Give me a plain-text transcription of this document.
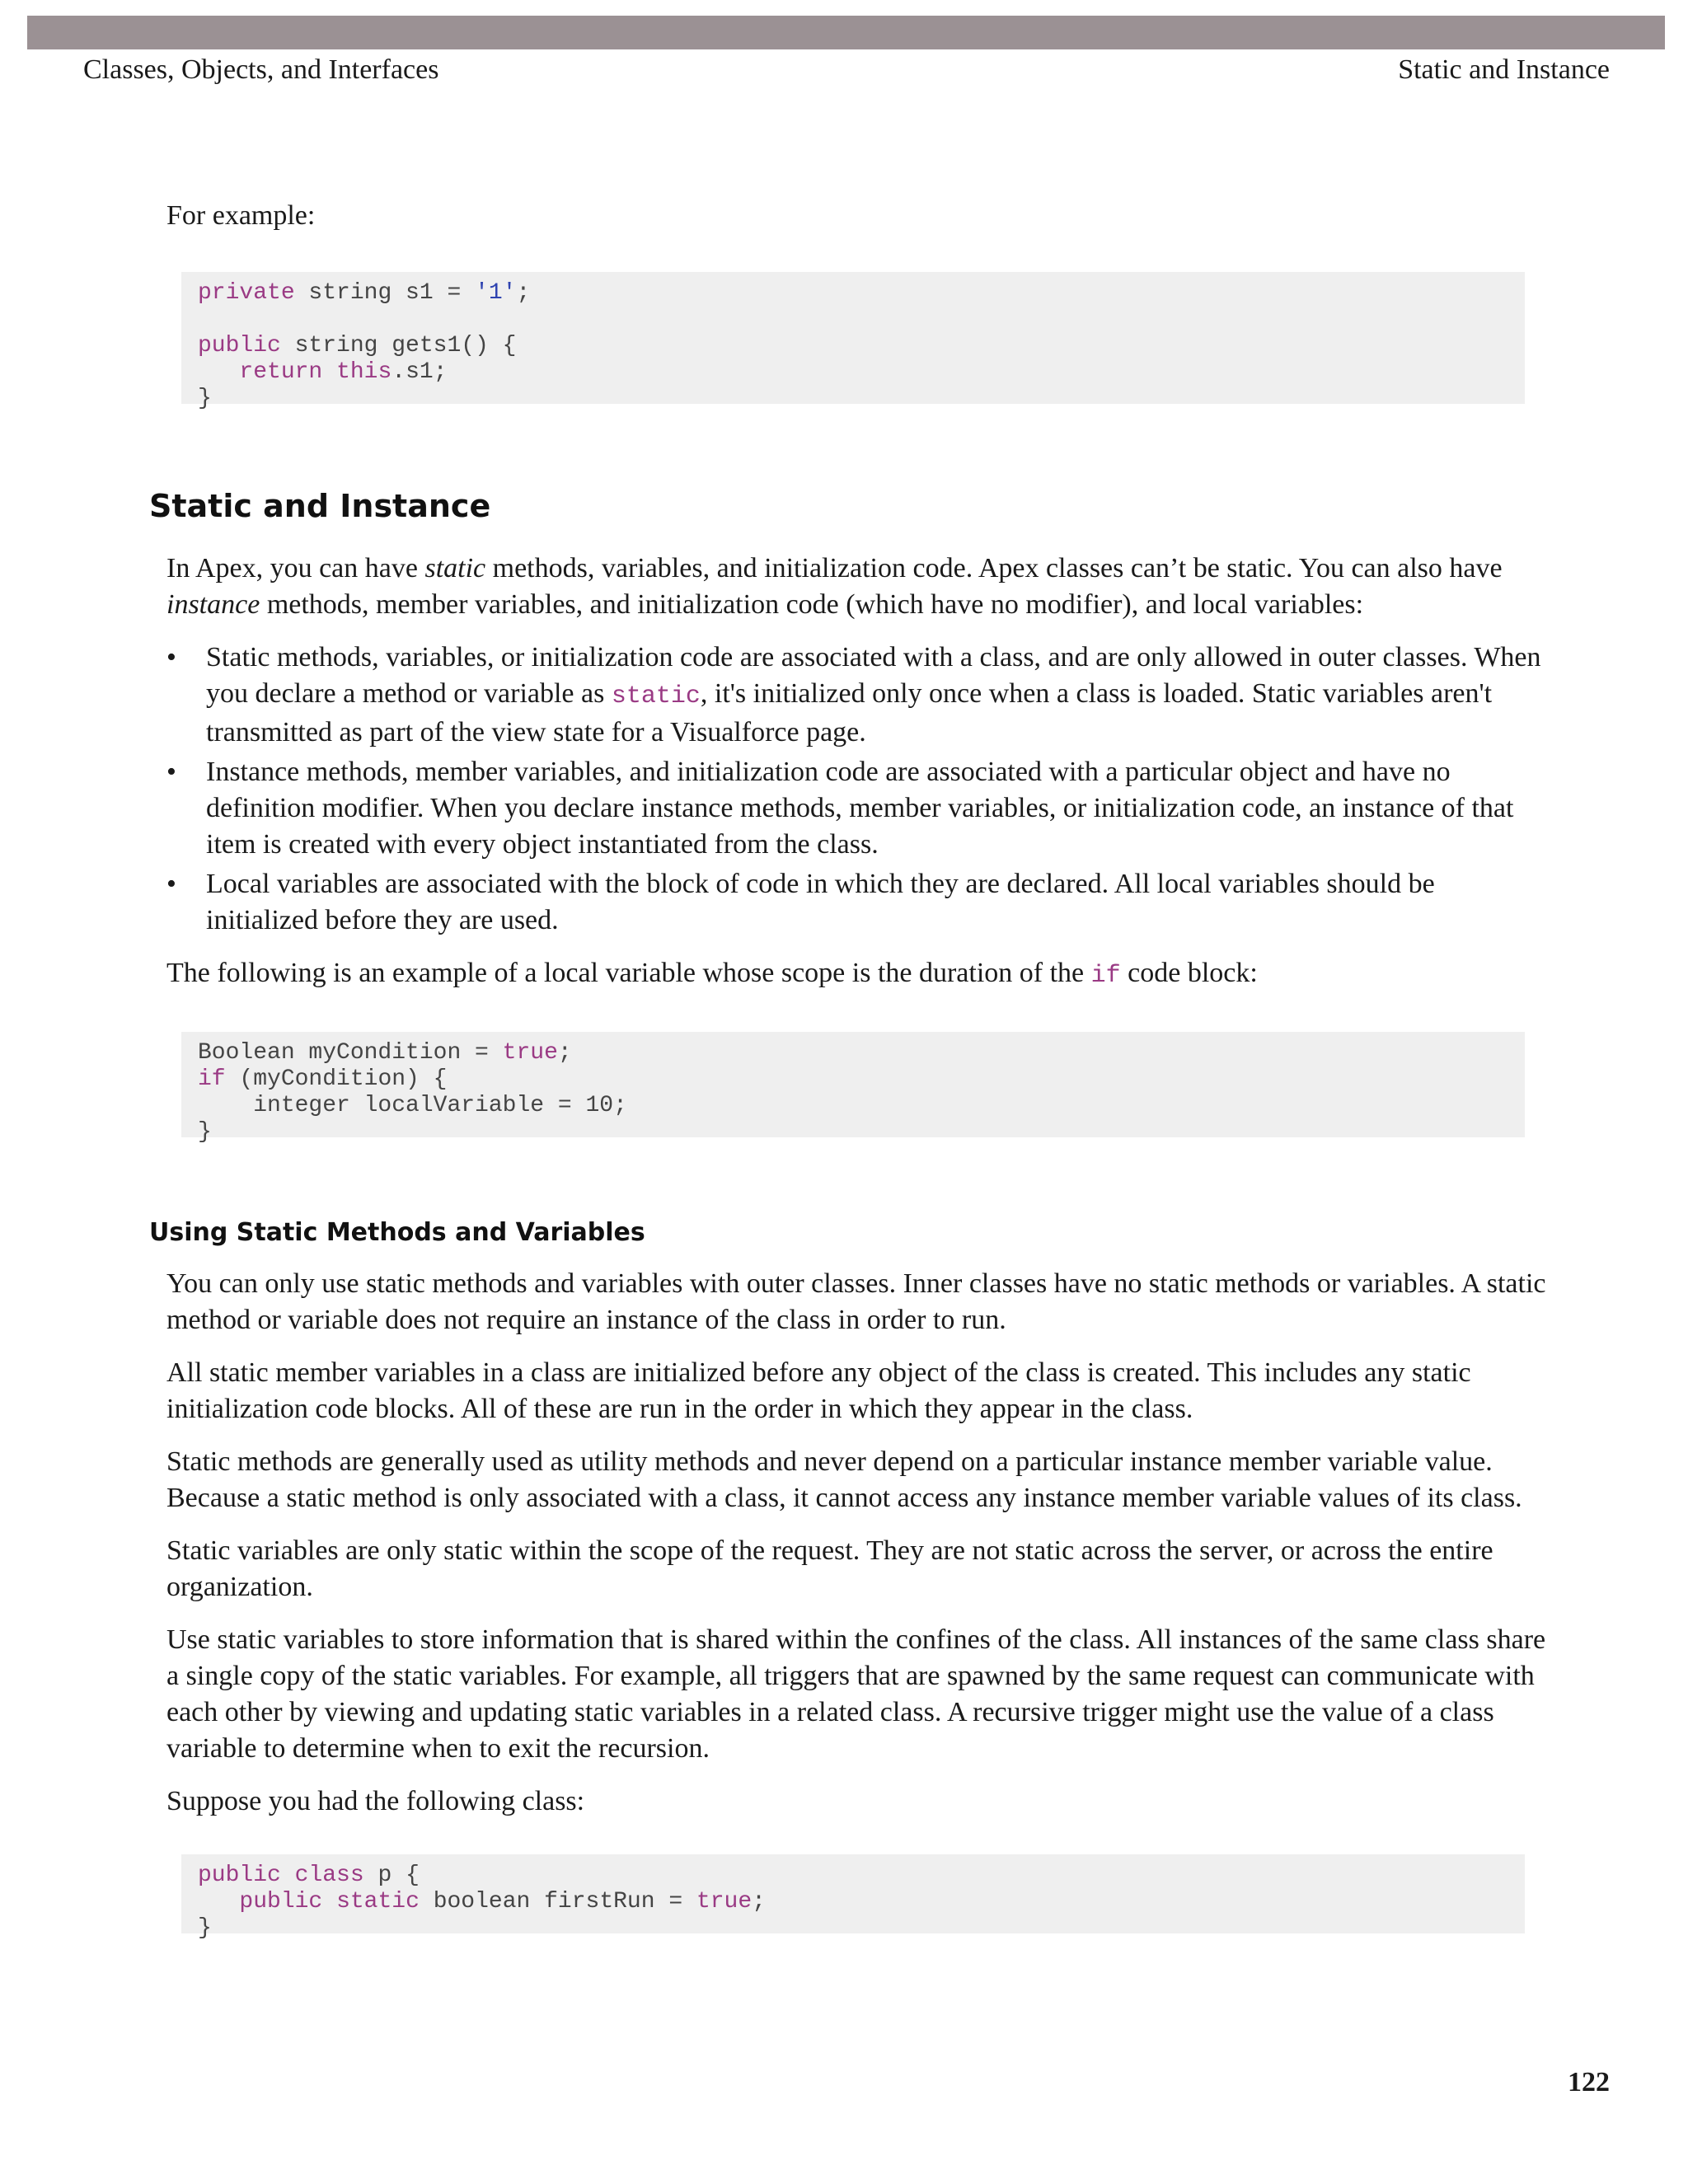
Classes, Objects, and Interfaces	Static and Instance

For example:

private string s1 = '1';
public string gets1() {
return this.s1;
}
Static and Instance

In Apex, you can have static methods, variables, and initialization code. Apex classes can’t be static. You can also have instance methods, member variables, and initialization code (which have no modifier), and local variables:

• Static methods, variables, or initialization code are associated with a class, and are only allowed in outer classes. When you declare a method or variable as static, it's initialized only once when a class is loaded. Static variables aren't transmitted as part of the view state for a Visualforce page.
• Instance methods, member variables, and initialization code are associated with a particular object and have no definition modifier. When you declare instance methods, member variables, or initialization code, an instance of that item is created with every object instantiated from the class.
• Local variables are associated with the block of code in which they are declared. All local variables should be initialized before they are used.

The following is an example of a local variable whose scope is the duration of the if code block:

Boolean myCondition = true;
if (myCondition) {
integer localVariable = 10;
}
Using Static Methods and Variables

You can only use static methods and variables with outer classes. Inner classes have no static methods or variables. A static method or variable does not require an instance of the class in order to run.

All static member variables in a class are initialized before any object of the class is created. This includes any static initialization code blocks. All of these are run in the order in which they appear in the class.

Static methods are generally used as utility methods and never depend on a particular instance member variable value. Because a static method is only associated with a class, it cannot access any instance member variable values of its class.

Static variables are only static within the scope of the request. They are not static across the server, or across the entire organization.

Use static variables to store information that is shared within the confines of the class. All instances of the same class share a single copy of the static variables. For example, all triggers that are spawned by the same request can communicate with each other by viewing and updating static variables in a related class. A recursive trigger might use the value of a class variable to determine when to exit the recursion.

Suppose you had the following class:

public class p {
public static boolean firstRun = true;
}
122
